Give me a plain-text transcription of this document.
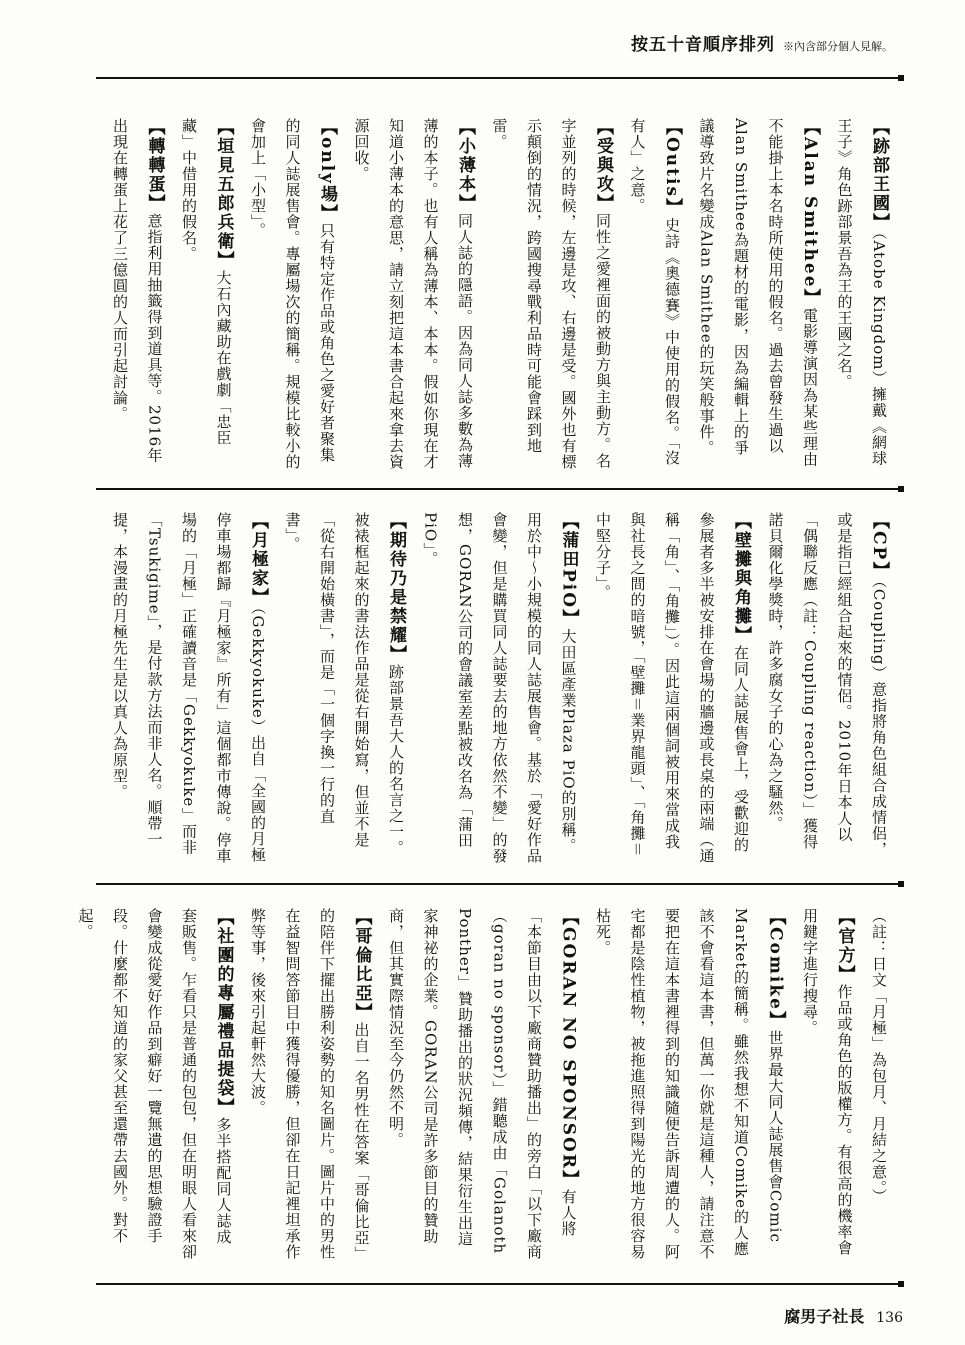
按五十音順序排列 ※內含部分個人見解。

【跡部王國】（Atobe Kingdom）擁戴《網球王子》角色跡部景吾為王的王國之名。

【Alan Smithee】電影導演因為某些理由不能掛上本名時所使用的假名。過去曾發生過以Alan Smithee為題材的電影，因為編輯上的爭議導致片名變成Alan Smithee的玩笑般事件。

【Outis】史詩《奧德賽》中使用的假名。「沒有人」之意。

【受與攻】同性之愛裡面的被動方與主動方。名字並列的時候，左邊是攻、右邊是受。國外也有標示顛倒的情況，跨國搜尋戰利品時可能會踩到地雷。

【小薄本】同人誌的隱語。因為同人誌多數為薄薄的本子。也有人稱為薄本、本本。假如你現在才知道小薄本的意思，請立刻把這本書合起來拿去資源回收。

【only場】只有特定作品或角色之愛好者聚集的同人誌展售會。專屬場次的簡稱。規模比較小的會加上「小型」。

【垣見五郎兵衛】大石內藏助在戲劇「忠臣藏」中借用的假名。

【轉轉蛋】意指利用抽籤得到道具等。2016年出現在轉蛋上花了三億圓的人而引起討論。

【CP】（Coupling）意指將角色組合成情侶，或是指已經組合起來的情侶。2010年日本人以「偶聯反應（註：Coupling reaction）」獲得諾貝爾化學獎時，許多腐女子的心為之騷然。

【壁攤與角攤】在同人誌展售會上，受歡迎的參展者多半被安排在會場的牆邊或長桌的兩端（通稱「角」、「角攤」）。因此這兩個詞被用來當成我與社長之間的暗號，「壁攤＝業界龍頭」、「角攤＝中堅分子」。

【蒲田PiO】大田區產業Plaza PiO的別稱。用於中～小規模的同人誌展售會。基於「愛好作品會變，但是購買同人誌要去的地方依然不變」的發想，GORAN公司的會議室差點被改名為「蒲田PiO」。

【期待乃是禁耀】跡部景吾大人的名言之一。被裱框起來的書法作品是從右開始寫，但並不是「從右開始橫書」，而是「一個字換一行的直書」。

【月極家】（Gekkyokuke）出自「全國的月極停車場都歸『月極家』所有」這個都市傳說。停車場的「月極」正確讀音是「Gekkyokuke」而非「Tsukigime」，是付款方法而非人名。順帶一提，本漫畫的月極先生是以真人為原型。

（註：日文「月極」為包月、月結之意。）

【官方】作品或角色的版權方。有很高的機率會用鍵字進行搜尋。

【Comike】世界最大同人誌展售會Comic Market的簡稱。雖然我想不知道Comike的人應該不會看這本書，但萬一你就是這種人，請注意不要把在這本書裡得到的知識隨便告訴周遭的人。阿宅都是陰性植物，被拖進照得到陽光的地方很容易枯死。

【GORAN NO SPONSOR】有人將「本節目由以下廠商贊助播出」的旁白「以下廠商（goran no sponsor）」錯聽成由「Golanoth Ponther」贊助播出的狀況頻傳，結果衍生出這家神祕的企業。GORAN公司是許多節目的贊助商，但其實際情況至今仍然不明。

【哥倫比亞】出自一名男性在答案「哥倫比亞」的陪伴下擺出勝利姿勢的知名圖片。圖片中的男性在益智問答節目中獲得優勝，但卻在日記裡坦承作弊等事，後來引起軒然大波。

【社團的專屬禮品提袋】多半搭配同人誌成套販售。乍看只是普通的包包，但在明眼人看來卻會變成從愛好作品到癖好一覽無遺的思想驗證手段。什麼都不知道的家父甚至還帶去國外。對不起。

腐男子社長 136
